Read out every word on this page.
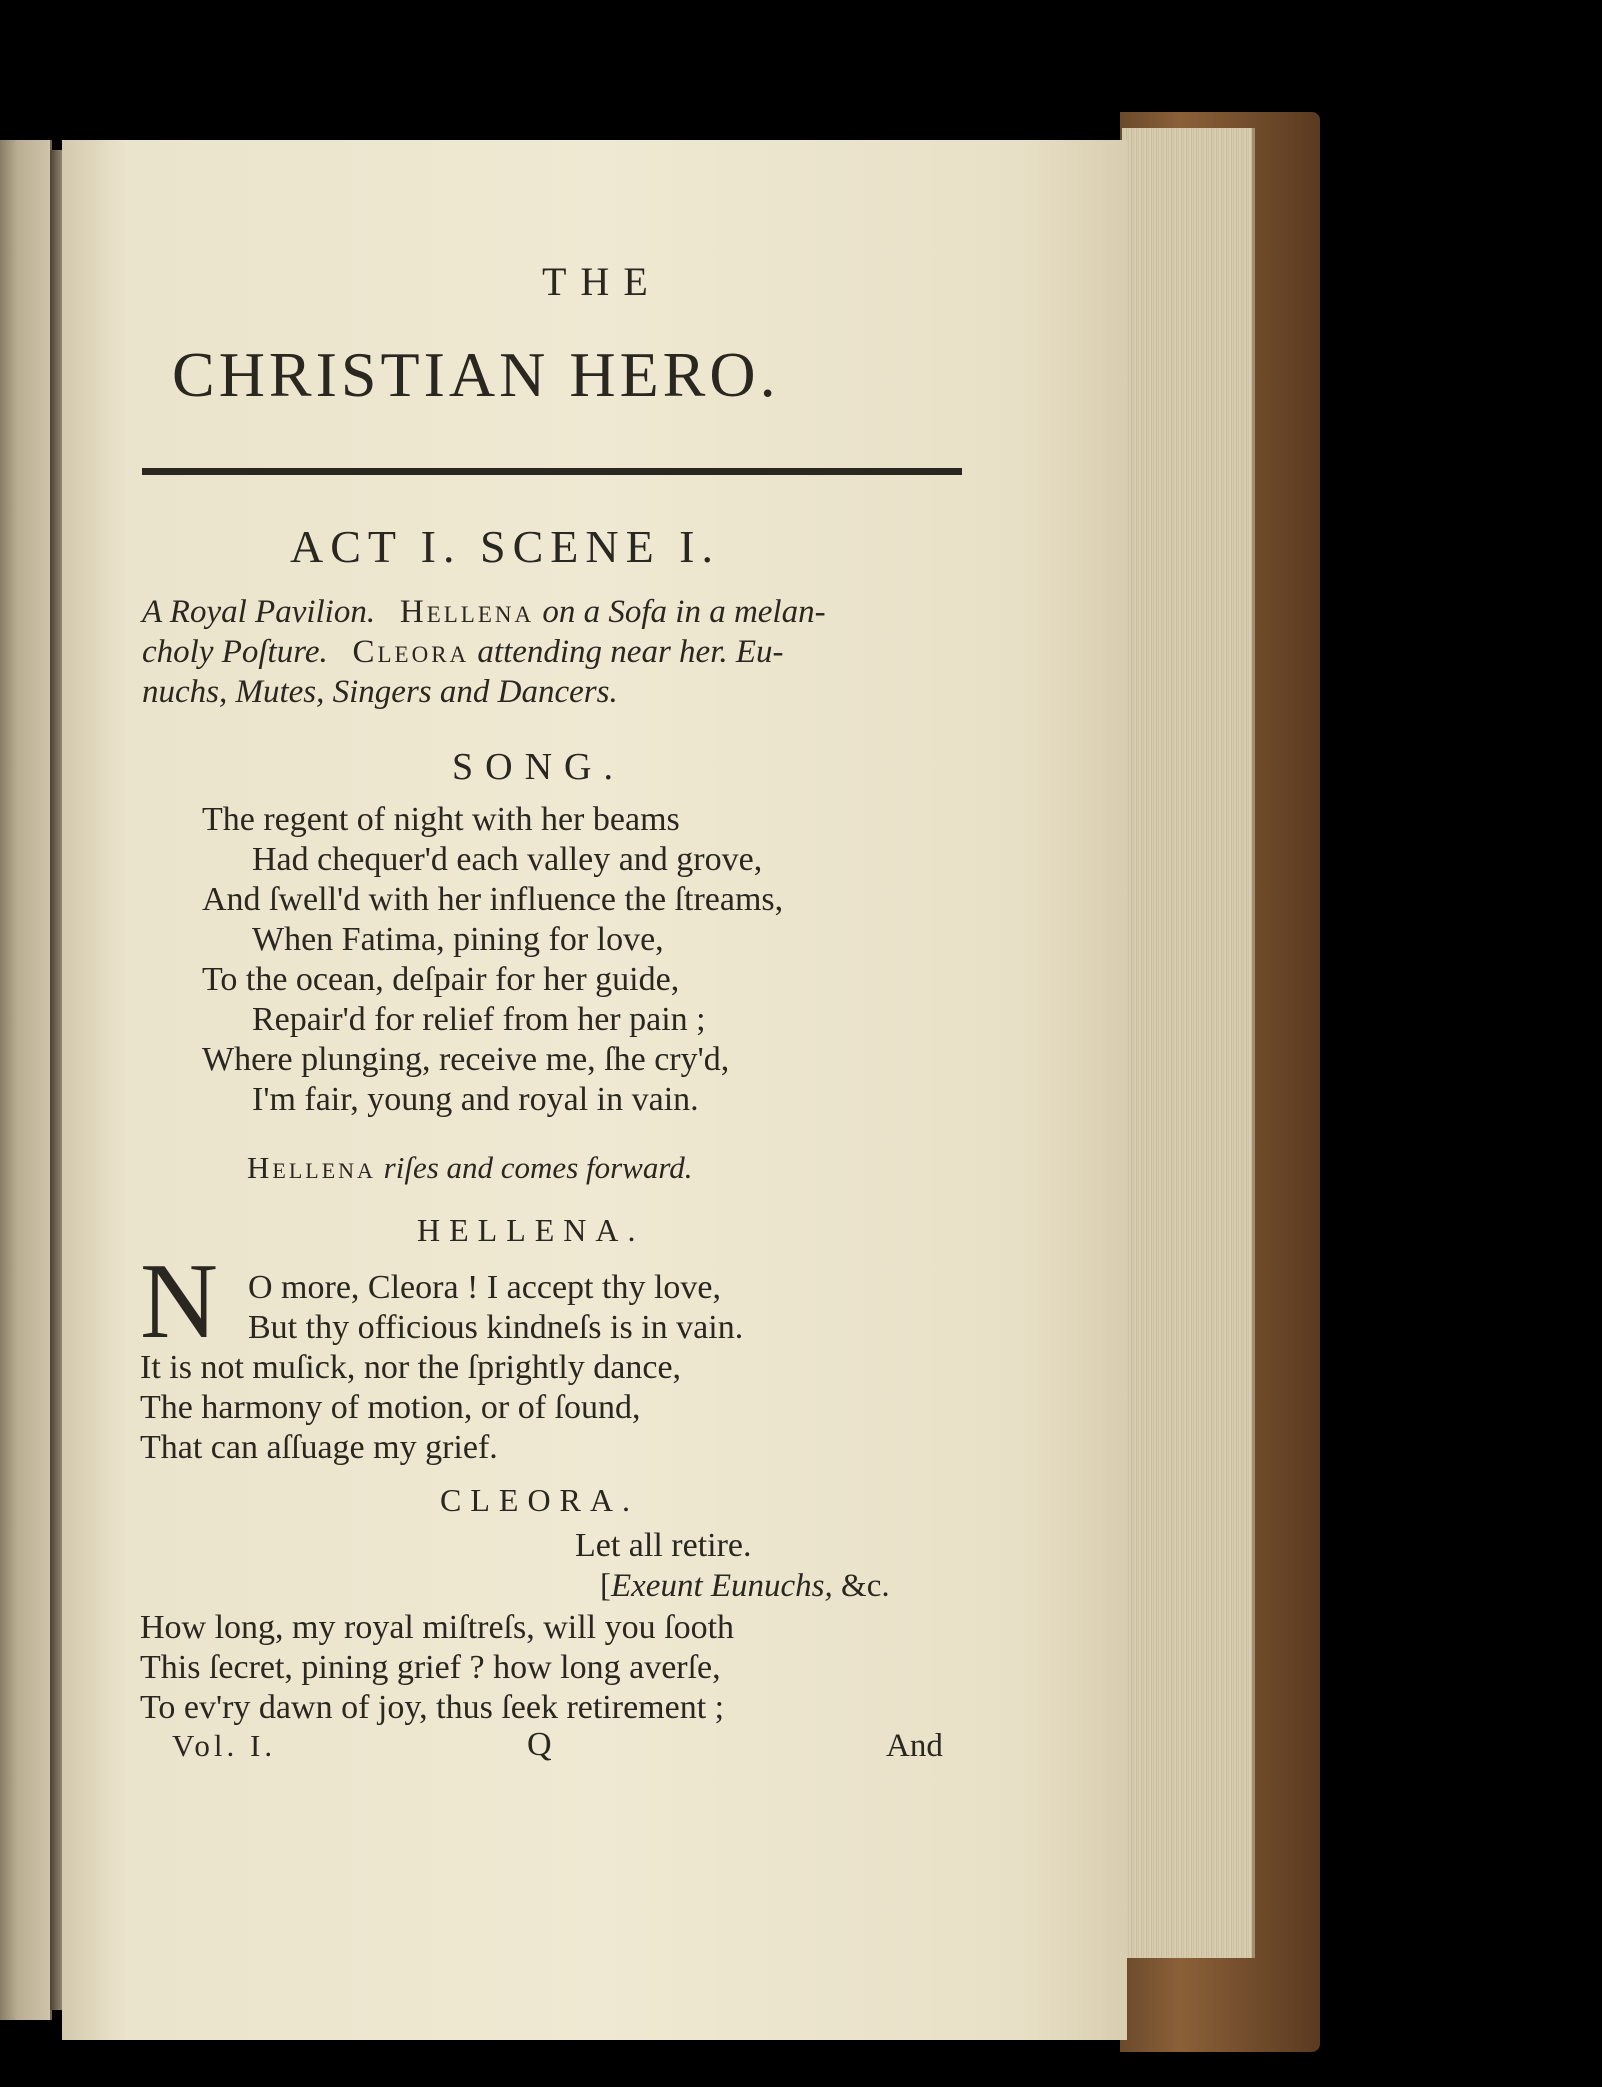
THE
CHRISTIAN HERO.
ACT I. SCENE I.
A Royal Pavilion. Hellena on a Sofa in a melan-
choly Poſture. Cleora attending near her. Eu-
nuchs, Mutes, Singers and Dancers.
SONG.
The regent of night with her beams
Had chequer'd each valley and grove,
And ſwell'd with her influence the ſtreams,
When Fatima, pining for love,
To the ocean, deſpair for her guide,
Repair'd for relief from her pain ;
Where plunging, receive me, ſhe cry'd,
I'm fair, young and royal in vain.
Hellena riſes and comes forward.
HELLENA.
N O more, Cleora ! I accept thy love,
But thy officious kindneſs is in vain.
It is not muſick, nor the ſprightly dance,
The harmony of motion, or of ſound,
That can aſſuage my grief.
CLEORA.
Let all retire.
[Exeunt Eunuchs, &c.
How long, my royal miſtreſs, will you ſooth
This ſecret, pining grief ? how long averſe,
To ev'ry dawn of joy, thus ſeek retirement ;
Vol. I.	Q	And
